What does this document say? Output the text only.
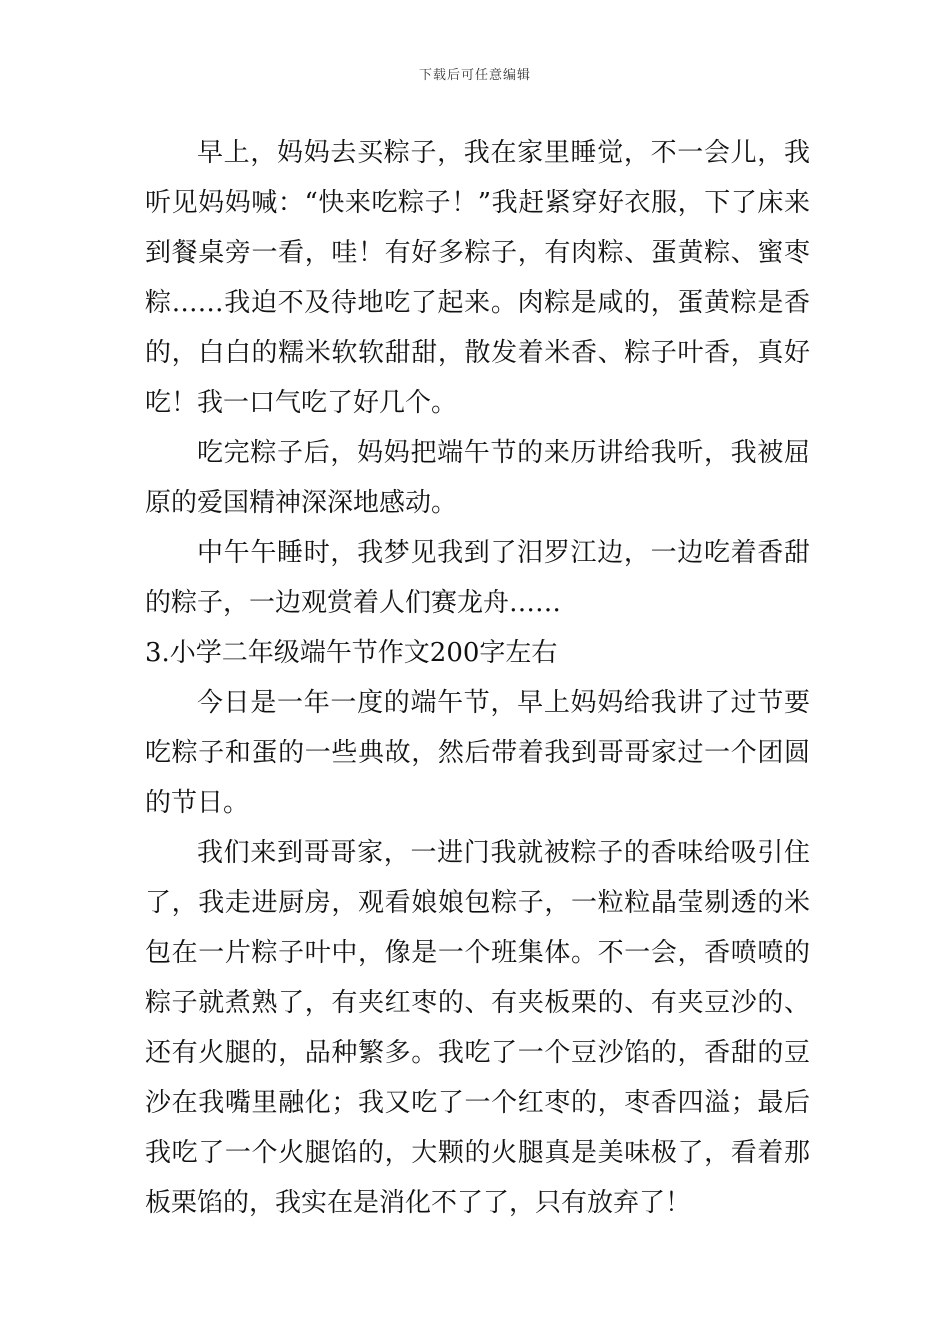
下载后可任意编辑

早上，妈妈去买粽子，我在家里睡觉，不一会儿，我听见妈妈喊：“快来吃粽子！”我赶紧穿好衣服，下了床来到餐桌旁一看，哇！有好多粽子，有肉粽、蛋黄粽、蜜枣粽……我迫不及待地吃了起来。肉粽是咸的，蛋黄粽是香的，白白的糯米软软甜甜，散发着米香、粽子叶香，真好吃！我一口气吃了好几个。

吃完粽子后，妈妈把端午节的来历讲给我听，我被屈原的爱国精神深深地感动。

中午午睡时，我梦见我到了汨罗江边，一边吃着香甜的粽子，一边观赏着人们赛龙舟……

3.小学二年级端午节作文200字左右

今日是一年一度的端午节，早上妈妈给我讲了过节要吃粽子和蛋的一些典故，然后带着我到哥哥家过一个团圆的节日。

我们来到哥哥家，一进门我就被粽子的香味给吸引住了，我走进厨房，观看娘娘包粽子，一粒粒晶莹剔透的米包在一片粽子叶中，像是一个班集体。不一会，香喷喷的粽子就煮熟了，有夹红枣的、有夹板栗的、有夹豆沙的、还有火腿的，品种繁多。我吃了一个豆沙馅的，香甜的豆沙在我嘴里融化；我又吃了一个红枣的，枣香四溢；最后我吃了一个火腿馅的，大颗的火腿真是美味极了，看着那板栗馅的，我实在是消化不了了，只有放弃了！
